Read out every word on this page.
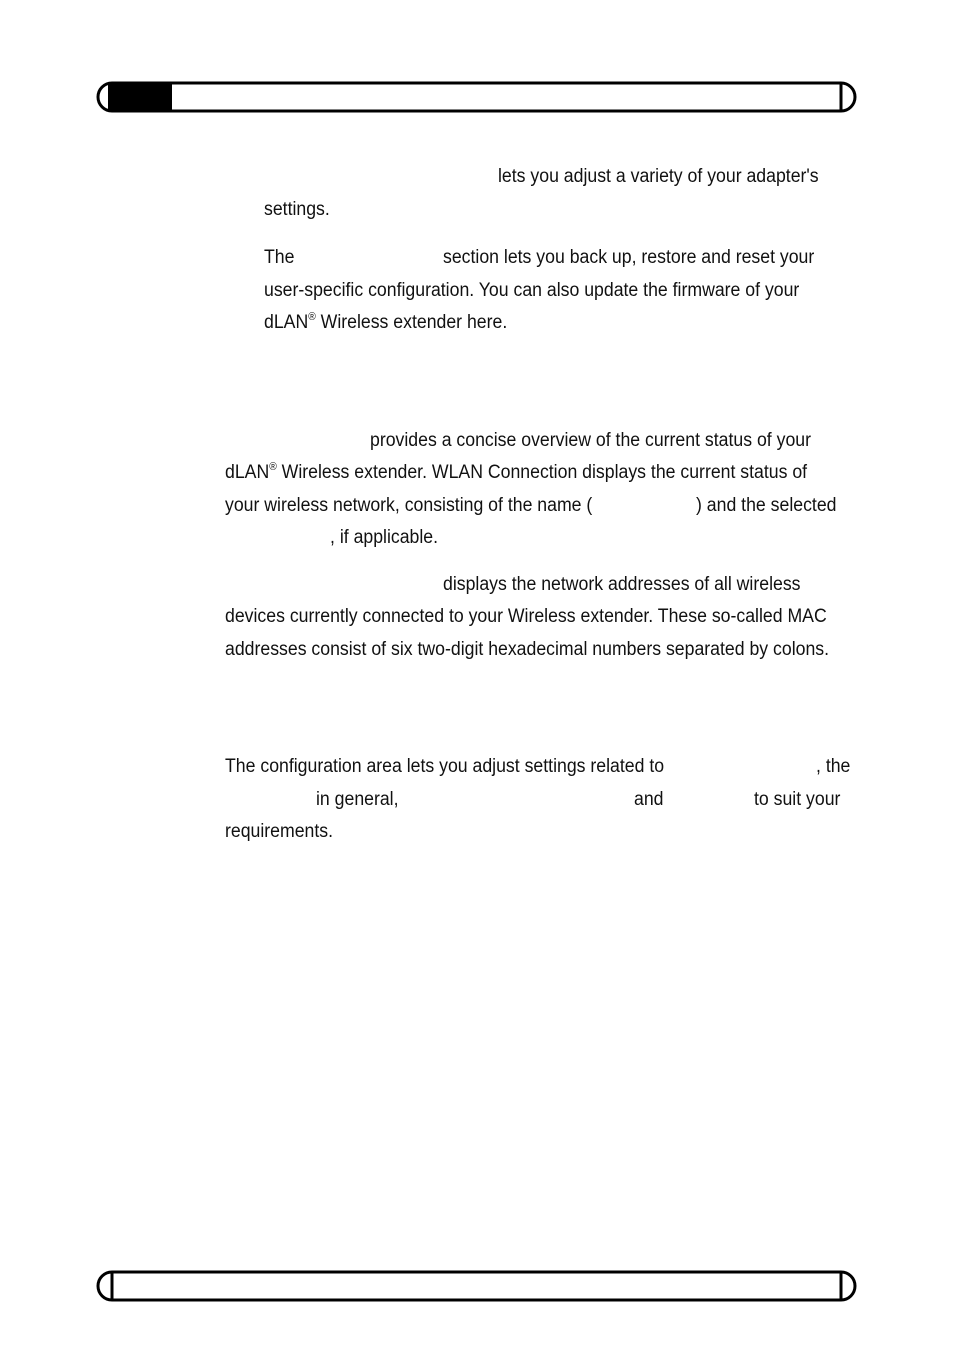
lets you adjust a variety of your adapter's
settings.
The	section lets you back up, restore and reset your
user-specific configuration. You can also update the firmware of your
dLAN® Wireless extender here.
provides a concise overview of the current status of your
dLAN® Wireless extender. WLAN Connection displays the current status of
your wireless network, consisting of the name (	) and the selected
, if applicable.
displays the network addresses of all wireless
devices currently connected to your Wireless extender. These so-called MAC
addresses consist of six two-digit hexadecimal numbers separated by colons.
The configuration area lets you adjust settings related to	, the
in general,	and	to suit your
requirements.
